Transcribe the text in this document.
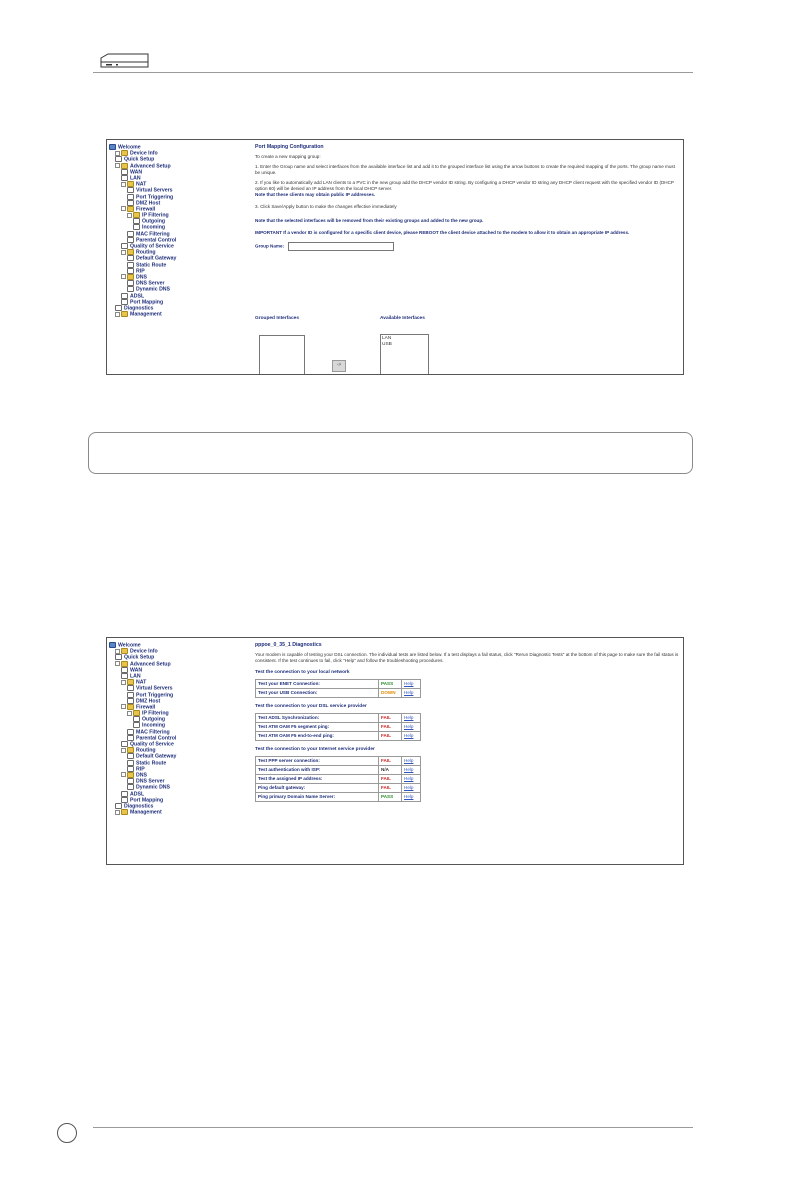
Welcome
Device Info
Quick Setup
Advanced Setup
WAN
LAN
NAT
Virtual Servers
Port Triggering
DMZ Host
Firewall
IP Filtering
Outgoing
Incoming
MAC Filtering
Parental Control
Quality of Service
Routing
Default Gateway
Static Route
RIP
DNS
DNS Server
Dynamic DNS
ADSL
Port Mapping
Diagnostics
Management
Port Mapping Configuration

To create a new mapping group:

1. Enter the Group name and select interfaces from the available interface list and add it to the grouped interface list using the arrow buttons to create the required mapping of the ports. The group name must be unique.

2. If you like to automatically add LAN clients to a PVC in the new group add the DHCP vendor ID string. By configuring a DHCP vendor ID string any DHCP client request with the specified vendor ID (DHCP option 60) will be denied an IP address from the local DHCP server.

Note that these clients may obtain public IP addresses.

3. Click Save/Apply button to make the changes effective immediately

Note that the selected interfaces will be removed from their existing groups and added to the new group.

IMPORTANT If a vendor ID is configured for a specific client device, please REBOOT the client device attached to the modem to allow it to obtain an appropriate IP address.

Group Name:
Grouped Interfaces	Available Interfaces
->
LAN
USB
Welcome
Device Info
Quick Setup
Advanced Setup
WAN
LAN
NAT
Virtual Servers
Port Triggering
DMZ Host
Firewall
IP Filtering
Outgoing
Incoming
MAC Filtering
Parental Control
Quality of Service
Routing
Default Gateway
Static Route
RIP
DNS
DNS Server
Dynamic DNS
ADSL
Port Mapping
Diagnostics
Management
pppoe_0_35_1 Diagnostics

Your modem is capable of testing your DSL connection. The individual tests are listed below. If a test displays a fail status, click "Rerun Diagnostic Tests" at the bottom of this page to make sure the fail status is consistent. If the test continues to fail, click "Help" and follow the troubleshooting procedures.

Test the connection to your local network
Test your ENET Connection:	PASS	Help
Test your USB Connection:	DOWN	Help
Test the connection to your DSL service provider
Test ADSL Synchronization:	FAIL	Help
Test ATM OAM F5 segment ping:	FAIL	Help
Test ATM OAM F5 end-to-end ping:	FAIL	Help
Test the connection to your Internet service provider
Test PPP server connection:	FAIL	Help
Test authentication with ISP:	N/A	Help
Test the assigned IP address:	FAIL	Help
Ping default gateway:	FAIL	Help
Ping primary Domain Name Server:	PASS	Help
